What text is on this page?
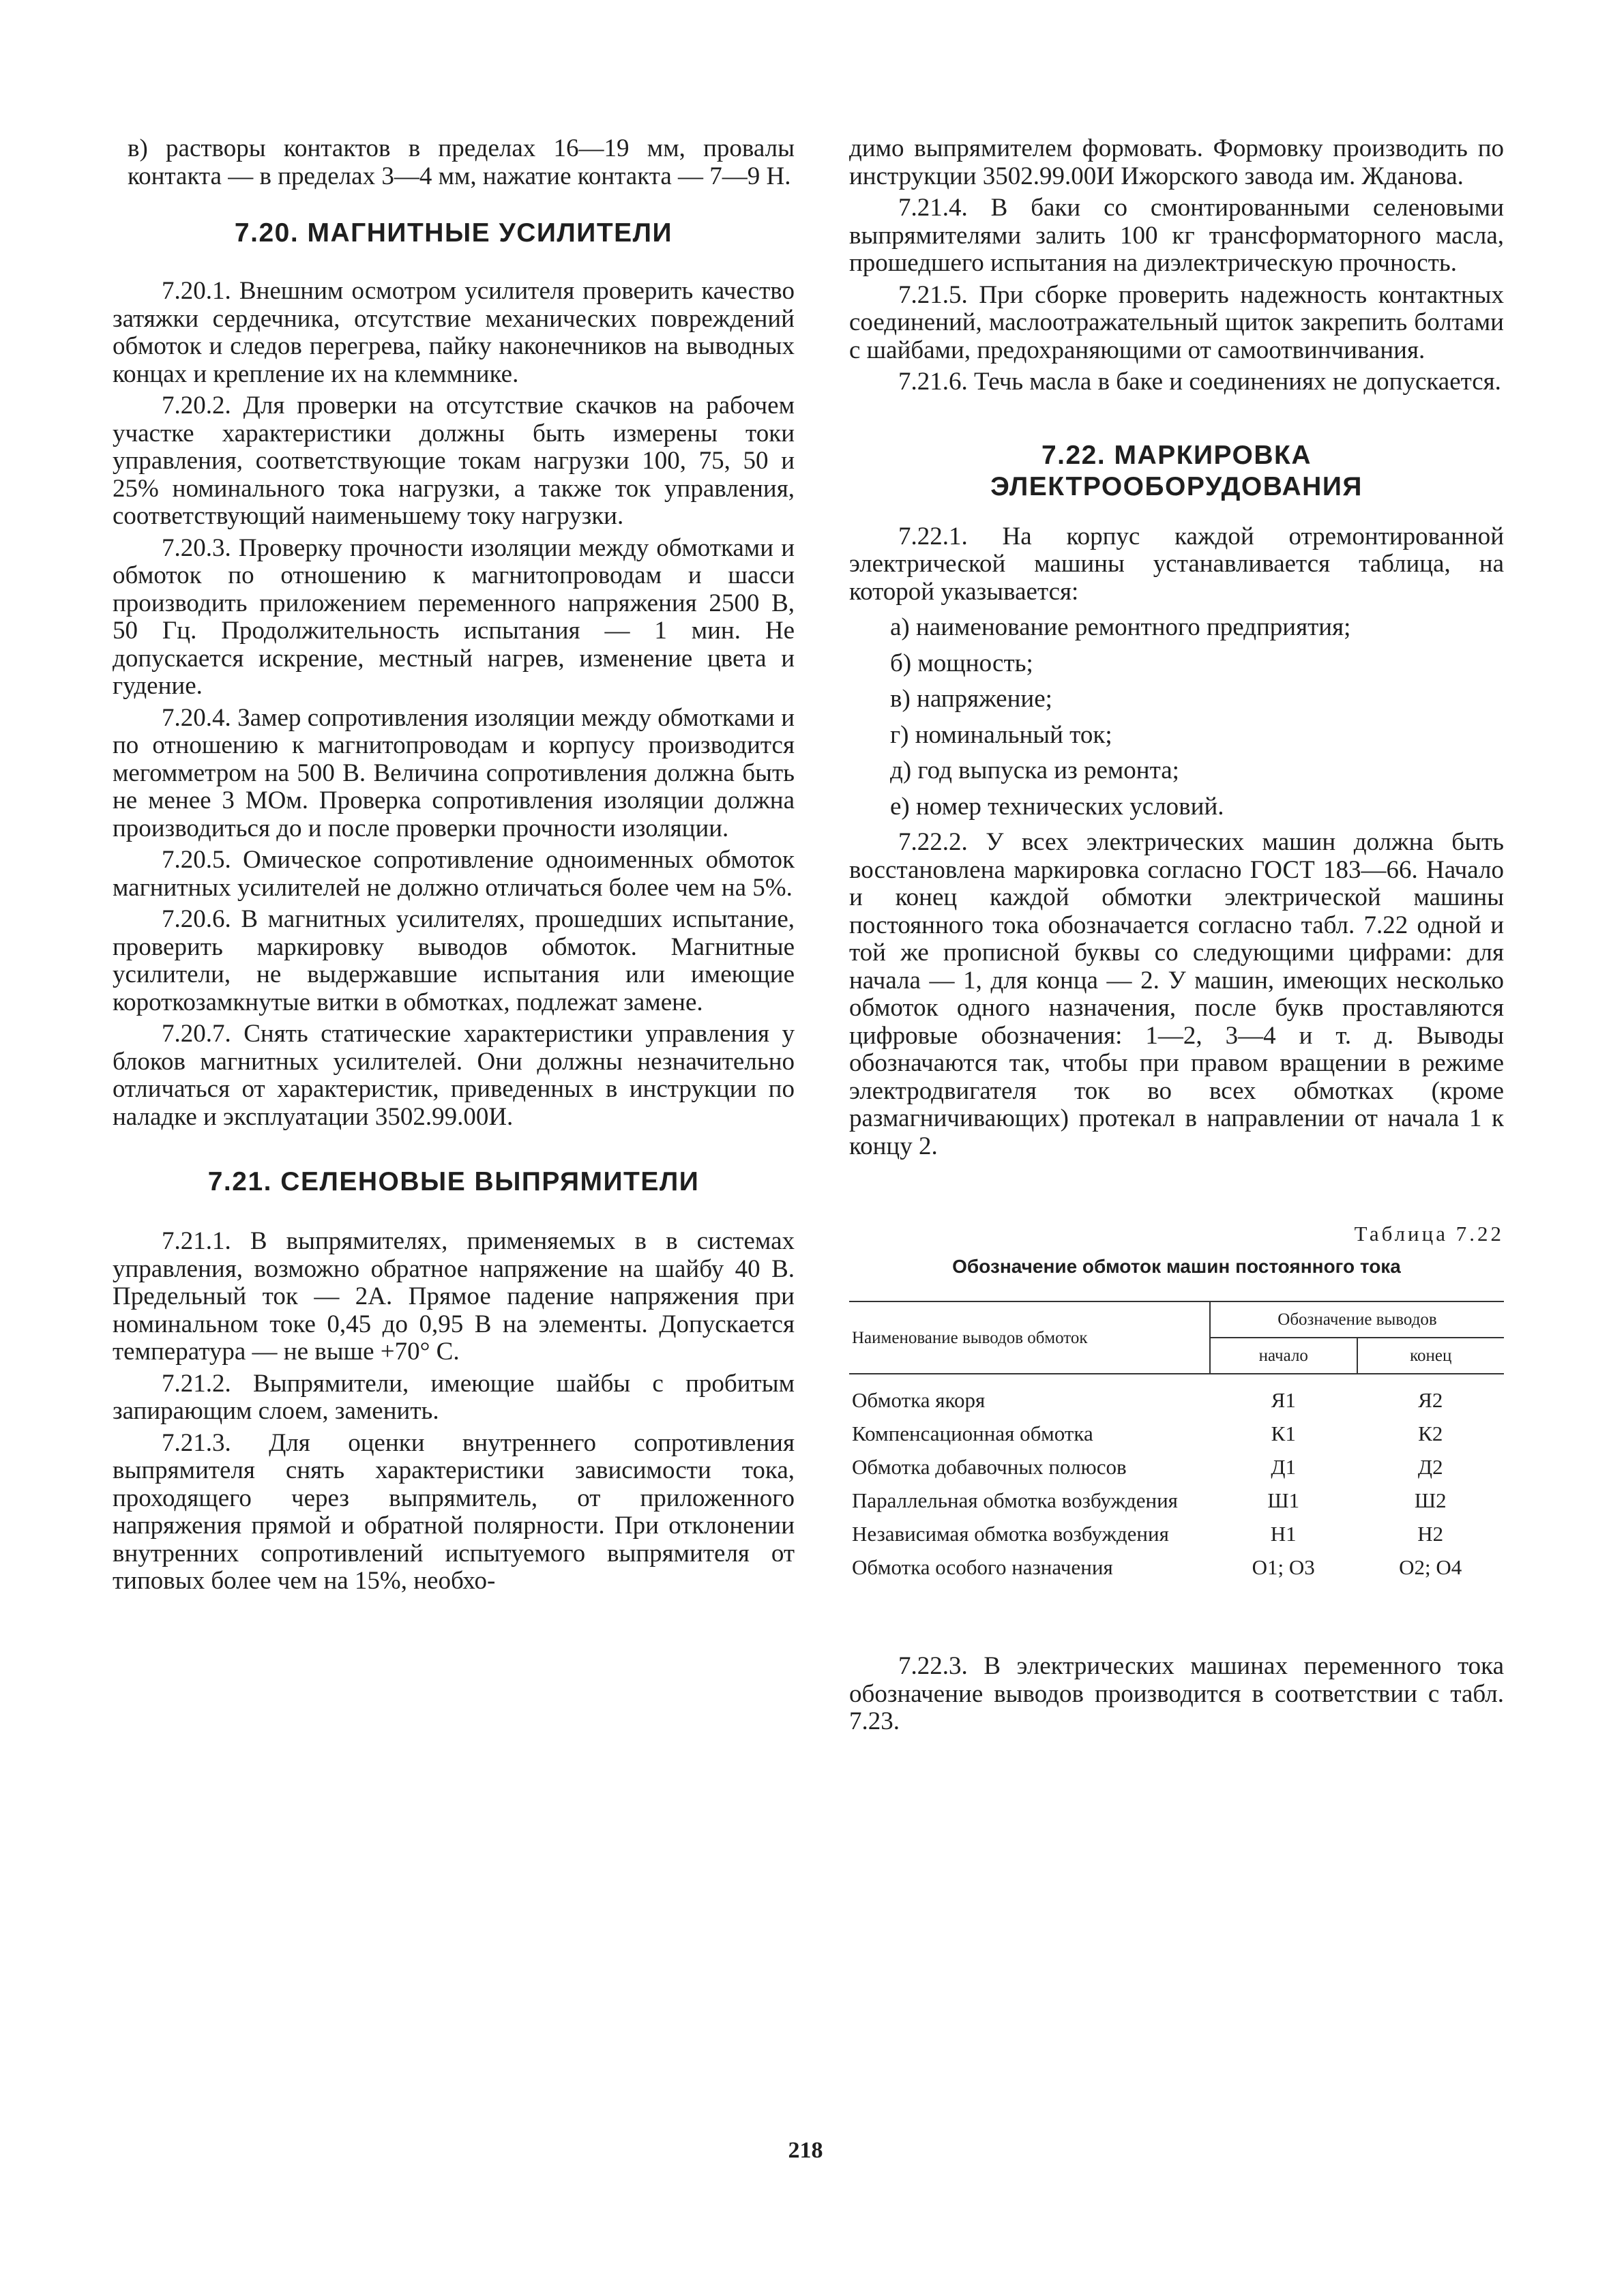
в) растворы контактов в пределах 16—19 мм, провалы контакта — в пределах 3—4 мм, нажатие контакта — 7—9 Н.

7.20. МАГНИТНЫЕ УСИЛИТЕЛИ

7.20.1. Внешним осмотром усилителя проверить качество затяжки сердечника, отсутствие механических повреждений обмоток и следов перегрева, пайку наконечников на выводных концах и крепление их на клеммнике.

7.20.2. Для проверки на отсутствие скачков на рабочем участке характеристики должны быть измерены токи управления, соответствующие токам нагрузки 100, 75, 50 и 25% номинального тока нагрузки, а также ток управления, соответствующий наименьшему току нагрузки.

7.20.3. Проверку прочности изоляции между обмотками и обмоток по отношению к магнитопроводам и шасси производить приложением переменного напряжения 2500 В, 50 Гц. Продолжительность испытания — 1 мин. Не допускается искрение, местный нагрев, изменение цвета и гудение.

7.20.4. Замер сопротивления изоляции между обмотками и по отношению к магнитопроводам и корпусу производится мегомметром на 500 В. Величина сопротивления должна быть не менее 3 МОм. Проверка сопротивления изоляции должна производиться до и после проверки прочности изоляции.

7.20.5. Омическое сопротивление одноименных обмоток магнитных усилителей не должно отличаться более чем на 5%.

7.20.6. В магнитных усилителях, прошедших испытание, проверить маркировку выводов обмоток. Магнитные усилители, не выдержавшие испытания или имеющие короткозамкнутые витки в обмотках, подлежат замене.

7.20.7. Снять статические характеристики управления у блоков магнитных усилителей. Они должны незначительно отличаться от характеристик, приведенных в инструкции по наладке и эксплуатации 3502.99.00И.

7.21. СЕЛЕНОВЫЕ ВЫПРЯМИТЕЛИ

7.21.1. В выпрямителях, применяемых в в системах управления, возможно обратное напряжение на шайбу 40 В. Предельный ток — 2А. Прямое падение напряжения при номинальном токе 0,45 до 0,95 В на элементы. Допускается температура — не выше +70° С.

7.21.2. Выпрямители, имеющие шайбы с пробитым запирающим слоем, заменить.

7.21.3. Для оценки внутреннего сопротивления выпрямителя снять характеристики зависимости тока, проходящего через выпрямитель, от приложенного напряжения прямой и обратной полярности. При отклонении внутренних сопротивлений испытуемого выпрямителя от типовых более чем на 15%, необхо-

димо выпрямителем формовать. Формовку производить по инструкции 3502.99.00И Ижорского завода им. Жданова.

7.21.4. В баки со смонтированными селеновыми выпрямителями залить 100 кг трансформаторного масла, прошедшего испытания на диэлектрическую прочность.

7.21.5. При сборке проверить надежность контактных соединений, маслоотражательный щиток закрепить болтами с шайбами, предохраняющими от самоотвинчивания.

7.21.6. Течь масла в баке и соединениях не допускается.

7.22. МАРКИРОВКА
ЭЛЕКТРООБОРУДОВАНИЯ

7.22.1. На корпус каждой отремонтированной электрической машины устанавливается таблица, на которой указывается:

а) наименование ремонтного предприятия;

б) мощность;

в) напряжение;

г) номинальный ток;

д) год выпуска из ремонта;

е) номер технических условий.

7.22.2. У всех электрических машин должна быть восстановлена маркировка согласно ГОСТ 183—66. Начало и конец каждой обмотки электрической машины постоянного тока обозначается согласно табл. 7.22 одной и той же прописной буквы со следующими цифрами: для начала — 1, для конца — 2. У машин, имеющих несколько обмоток одного назначения, после букв проставляются цифровые обозначения: 1—2, 3—4 и т. д. Выводы обозначаются так, чтобы при правом вращении в режиме электродвигателя ток во всех обмотках (кроме размагничивающих) протекал в направлении от начала 1 к концу 2.

Таблица 7.22
Обозначение обмоток машин постоянного тока
Наименование выводов обмоток	Обозначение выводов	
	начало	конец
Обмотка якоря	Я1	Я2
Компенсационная обмотка	К1	К2
Обмотка добавочных полюсов	Д1	Д2
Параллельная обмотка возбуждения	Ш1	Ш2
Независимая обмотка возбуждения	Н1	Н2
Обмотка особого назначения	О1; О3	О2; О4

7.22.3. В электрических машинах переменного тока обозначение выводов производится в соответствии с табл. 7.23.

218
